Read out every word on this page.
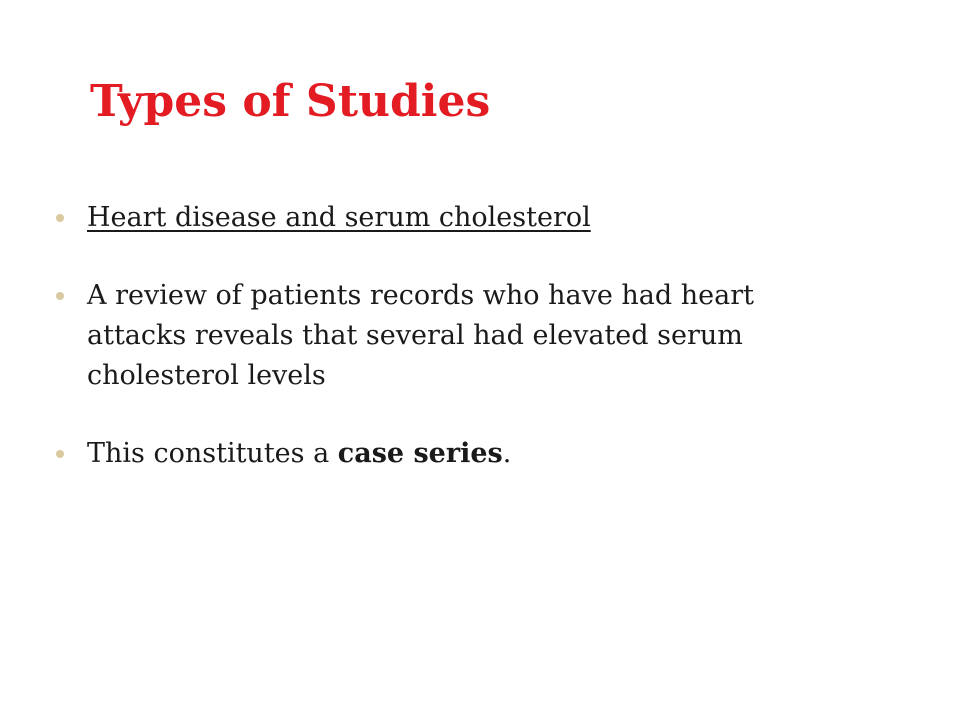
Types of Studies
Heart disease and serum cholesterol
A review of patients records who have had heart attacks reveals that several had elevated serum cholesterol levels
This constitutes a case series.
